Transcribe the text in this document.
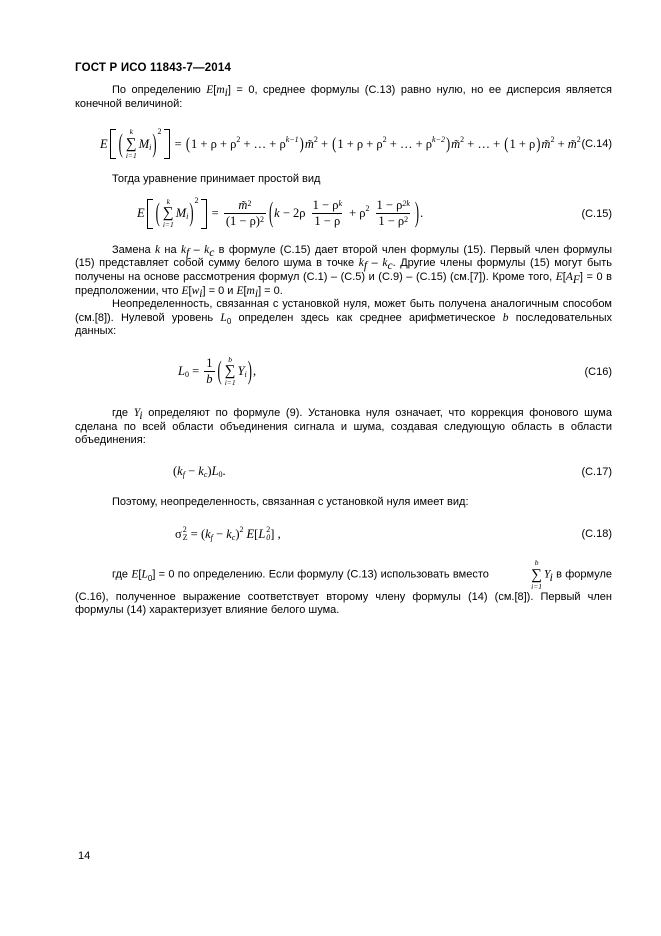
ГОСТ Р ИСО 11843-7—2014

По определению E[mi] = 0, среднее формулы (С.13) равно нулю, но ее дисперсия является конечной величиной:

E ( k
∑
i=1
M i ) 2
= ( 1 + ρ + ρ 2 + … + ρ k−1 ) m̃ 2 + ( 1 + ρ + ρ 2 + … + ρ k−2 ) m̃ 2 + … + ( 1 + ρ ) m̃ 2 + m̃ 2 (С.14)

Тогда уравнение принимает простой вид

E ( k
∑
i=1
M i ) 2
= $\frac{m̃ 2}{(1 - \rho) 2}$ ( $k - 2\rho \frac{\text{1 − ρ k}}{1 - \rho} + \rho$ $2 \frac{1 - \rho 2k}{1 - \rho 2}$ ) .	(С.15)

Замена k на kf – kc в формуле (С.15) дает второй член формулы (15). Первый член формулы (15) представляет собой сумму белого шума в точке kf – kc. Другие члены формулы (15) могут быть получены на основе рассмотрения формул (С.1) – (С.5) и (С.9) – (С.15) (см.[7]). Кроме того, E[AF] = 0 в предположении, что E[wi] = 0 и E[mi] = 0.

Неопределенность, связанная с установкой нуля, может быть получена аналогичным способом (см.[8]). Нулевой уровень $L_0$ определен здесь как среднее арифметическое b последовательных данных:

L $0 = \frac{1}{b}$ ( b
∑
i=1
Y i ) ,	(С16)

где Yi определяют по формуле (9). Установка нуля означает, что коррекция фонового шума сделана по всей области объединения сигнала и шума, создавая следующую область в области объединения:

( k f − k c ) L 0 .	(С.17)

Поэтому, неопределенность, связанная с установкой нуля имеет вид:

σ 2
Z = ( k f − k c ) 2 E [ L 2
0 ] ,	(С.18)

где $E[L_0] = 0$ по определению. Если формулу (С.13) использовать вместо
b
∑
i=1
Yi в формуле (С.16), полученное выражение соответствует второму члену формулы (14) (см.[8]). Первый член формулы (14) характеризует влияние белого шума.

14
